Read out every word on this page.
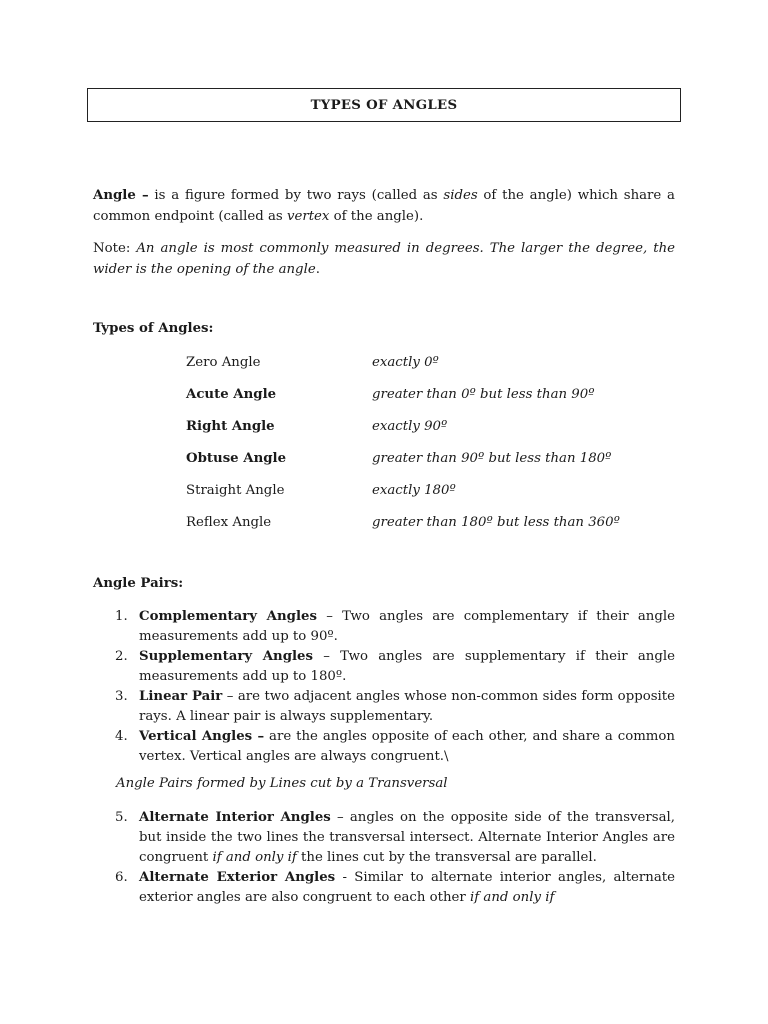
TYPES OF ANGLES
Angle – is a figure formed by two rays (called as sides of the angle) which share a common endpoint (called as vertex of the angle).
Note: An angle is most commonly measured in degrees. The larger the degree, the wider is the opening of the angle.
Types of Angles:
Zero Angle	exactly 0º
Acute Angle	greater than 0º but less than 90º
Right Angle	exactly 90º
Obtuse Angle	greater than 90º but less than 180º
Straight Angle	exactly 180º
Reflex Angle	greater than 180º but less than 360º
Angle Pairs:
1. Complementary Angles – Two angles are complementary if their angle measurements add up to 90º.
2. Supplementary Angles – Two angles are supplementary if their angle measurements add up to 180º.
3. Linear Pair – are two adjacent angles whose non-common sides form opposite rays. A linear pair is always supplementary.
4. Vertical Angles – are the angles opposite of each other, and share a common vertex. Vertical angles are always congruent.\
Angle Pairs formed by Lines cut by a Transversal
5. Alternate Interior Angles – angles on the opposite side of the transversal, but inside the two lines the transversal intersect. Alternate Interior Angles are congruent if and only if the lines cut by the transversal are parallel.
6. Alternate Exterior Angles - Similar to alternate interior angles, alternate exterior angles are also congruent to each other if and only if
